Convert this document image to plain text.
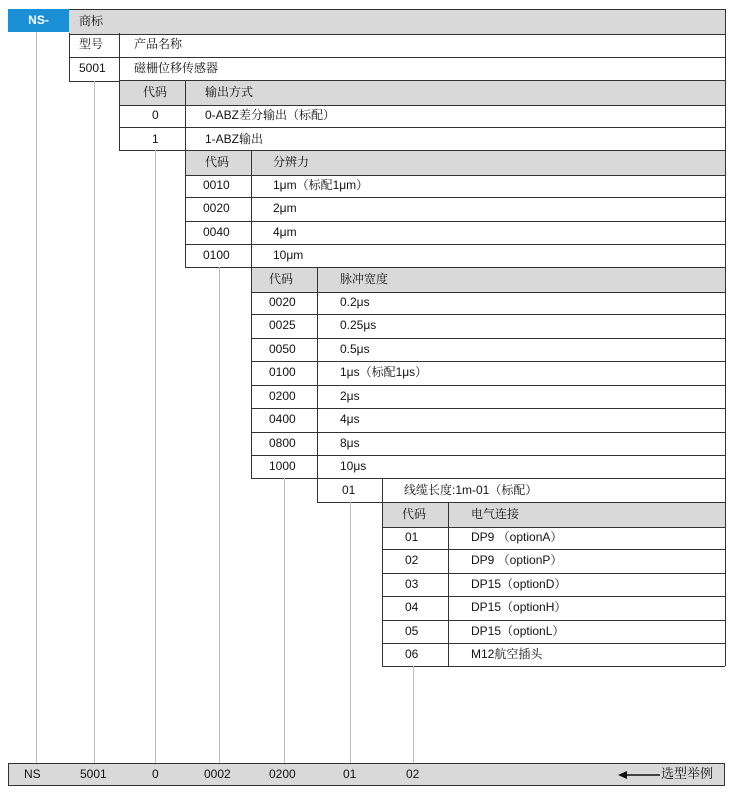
NS-	商标
型号	产品名称
5001 磁栅位移传感器
代码	输出方式
0	0-ABZ差分输出（标配）
1	1-ABZ输出
代码	分辨力
0010	1μm（标配1μm）
0020	2μm
0040	4μm
0100	10μm
代码	脉冲宽度
0020	0.2μs
0025	0.25μs
0050	0.5μs
0100	1μs（标配1μs）
0200	2μs
0400	4μs
0800	8μs
1000	10μs
01	线缆长度:1m-01（标配）
代码	电气连接
01	DP9 （optionA）
02	DP9 （optionP）
03	DP15（optionD）
04	DP15（optionH）
05	DP15（optionL）
06	M12航空插头
NS	5001	0	0002	0200	01	02	选型举例
